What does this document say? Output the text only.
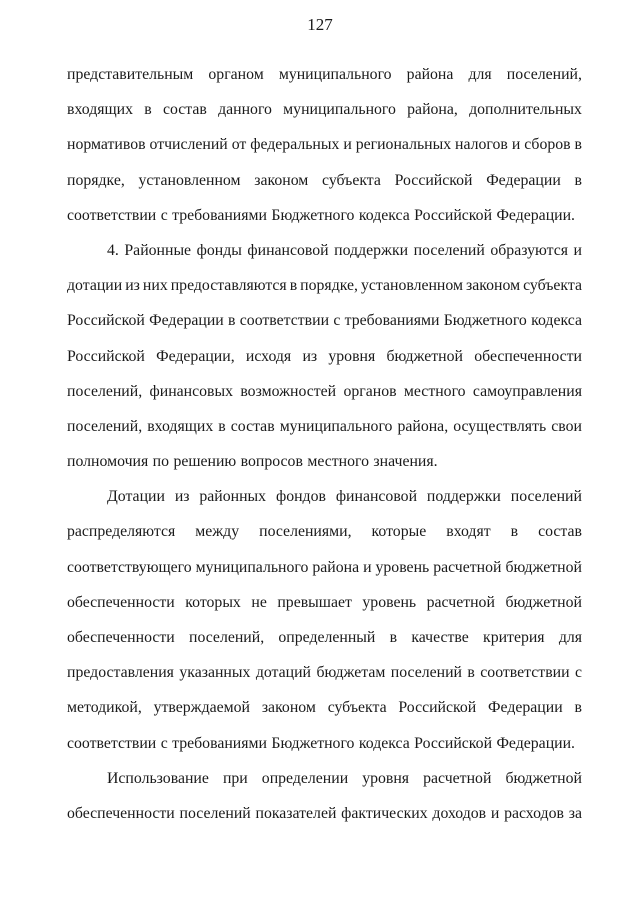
127
представительным органом муниципального района для поселений,
входящих в состав данного муниципального района, дополнительных
нормативов отчислений от федеральных и региональных налогов и сборов в
порядке, установленном законом субъекта Российской Федерации в
соответствии с требованиями Бюджетного кодекса Российской Федерации.
4. Районные фонды финансовой поддержки поселений образуются и
дотации из них предоставляются в порядке, установленном законом субъекта
Российской Федерации в соответствии с требованиями Бюджетного кодекса
Российской Федерации, исходя из уровня бюджетной обеспеченности
поселений, финансовых возможностей органов местного самоуправления
поселений, входящих в состав муниципального района, осуществлять свои
полномочия по решению вопросов местного значения.
Дотации из районных фондов финансовой поддержки поселений
распределяются между поселениями, которые входят в состав
соответствующего муниципального района и уровень расчетной бюджетной
обеспеченности которых не превышает уровень расчетной бюджетной
обеспеченности поселений, определенный в качестве критерия для
предоставления указанных дотаций бюджетам поселений в соответствии с
методикой, утверждаемой законом субъекта Российской Федерации в
соответствии с требованиями Бюджетного кодекса Российской Федерации.
Использование при определении уровня расчетной бюджетной
обеспеченности поселений показателей фактических доходов и расходов за
